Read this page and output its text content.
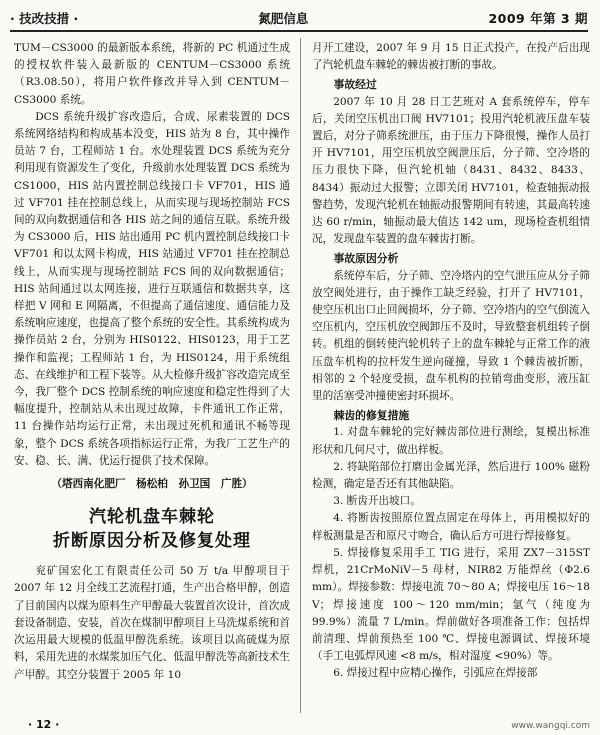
· 技改技措 ·	氮肥信息	2009 年第 3 期

TUM－CS3000 的最新版本系统，将新的 PC 机通过生成的授权软件装入最新版的 CENTUM－CS3000 系统（R3.08.50），将用户软件修改并导入到 CENTUM－CS3000 系统。

DCS 系统升级扩容改造后，合成、尿素装置的 DCS 系统网络结构和构成基本没变，HIS 站为 8 台，其中操作员站 7 台，工程师站 1 台。水处理装置 DCS 系统为充分利用现有资源发生了变化，升级前水处理装置 DCS 系统为 CS1000，HIS 站内置控制总线接口卡 VF701，HIS 通过 VF701 挂在控制总线上，从而实现与现场控制站 FCS 间的双向数据通信和各 HIS 站之间的通信互联。系统升级为 CS3000 后，HIS 站出通用 PC 机内置控制总线接口卡 VF701 和以太网卡构成，HIS 站通过 VF701 挂在控制总线上，从而实现与现场控制站 FCS 间的双向数据通信；HIS 站间通过以太网连接，进行互联通信和数据共享，这样把 V 网和 E 网隔离，不但提高了通信速度、通信能力及系统响应速度，也提高了整个系统的安全性。其系统构成为操作员站 2 台，分别为 HIS0122、HIS0123，用于工艺操作和监视；工程师站 1 台，为 HIS0124，用于系统组态、在线维护和工程下装等。从大检修升级扩容改造完成至今，我厂整个 DCS 控制系统的响应速度和稳定性得到了大幅度提升，控制站从未出现过故障，卡件通讯工作正常，11 台操作站均运行正常，未出现过死机和通讯不畅等现象，整个 DCS 系统各项指标运行正常，为我厂工艺生产的安、稳、长、满、优运行提供了技术保障。

（塔西南化肥厂　杨松柏　孙卫国　广胜）

汽轮机盘车棘轮
折断原因分析及修复处理

兖矿国宏化工有限责任公司 50 万 t/a 甲醇项目于 2007 年 12 月全线工艺流程打通，生产出合格甲醇，创造了目前国内以煤为原料生产甲醇最大装置首次设计，首次成套设备制造、安装，首次在煤制甲醇项目上马洗煤系统和首次运用最大规模的低温甲醇洗系统。该项目以高硫煤为原料，采用先进的水煤浆加压气化、低温甲醇洗等高新技术生产甲醇。其空分装置于 2005 年 10

月开工建设，2007 年 9 月 15 日正式投产，在投产后出现了汽轮机盘车棘轮的棘齿被打断的事故。

事故经过

2007 年 10 月 28 日工艺班对 A 套系统停车，停车后，关闭空压机出口阀 HV7101；投用汽轮机液压盘车装置后，对分子筛系统泄压，由于压力下降很慢，操作人员打开 HV7101，用空压机放空阀泄压后，分子筛、空冷塔的压力很快下降，但汽轮机轴（8431、8432、8433、8434）振动过大报警；立即关闭 HV7101，检查轴振动报警趋势，发现汽轮机在轴振动报警期间有转速，其最高转速达 60 r/min，轴振动最大值达 142 um，现场检查机组情况，发现盘车装置的盘车棘齿打断。

事故原因分析

系统停车后，分子筛、空冷塔内的空气泄压应从分子筛放空阀处进行，由于操作工缺乏经验，打开了 HV7101，使空压机出口止回阀损坏，分子筛、空冷塔内的空气倒流入空压机内，空压机放空阀卸压不及时，导致整套机组转子倒转。机组的倒转使汽轮机转子上的盘车棘轮与正常工作的液压盘车机构的拉杆发生逆向碰撞，导致 1 个棘齿被折断，相邻的 2 个轻度受损，盘车机构的拉销弯曲变形，液压缸里的活塞受冲撞使密封环损坏。

棘齿的修复措施

1. 对盘车棘轮的完好棘齿部位进行测绘，复模出标准形状和几何尺寸，做出样板。

2. 将缺陷部位打磨出金属光泽，然后进行 100% 磁粉检测，确定是否还有其他缺陷。

3. 断齿开出坡口。

4. 将断齿按照原位置点固定在母体上，再用模拟好的样板测量是否和原尺寸吻合，确认后方可进行焊接修复。

5. 焊接修复采用手工 TIG 进行，采用 ZX7－315ST 焊机，21CrMoNiV－5 母材，NIR82 万能焊丝（Φ2.6 mm）。焊接参数：焊接电流 70～80 A；焊接电压 16～18 V；焊接速度 100～120 mm/min；氩气（纯度为 99.9%）流量 7 L/min。焊前做好各项准备工作：包括焊前清理、焊前预热至 100 ℃、焊接电源调试、焊接环境（手工电弧焊风速 <8 m/s，相对湿度 <90%）等。

6. 焊接过程中应精心操作，引弧应在焊接部

· 12 ·	www.wangqi.com
